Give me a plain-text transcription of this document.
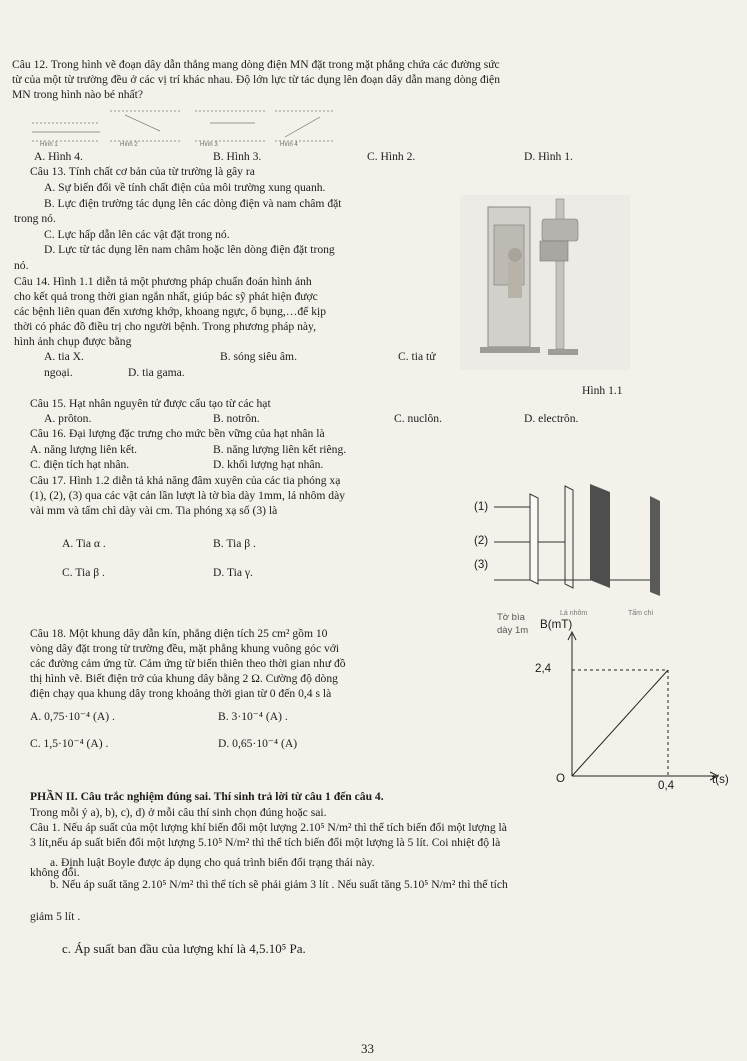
Câu 12. Trong hình vẽ đoạn dây dẫn thẳng mang dòng điện MN đặt trong mặt phẳng chứa các đường sức
từ của một từ trường đều ở các vị trí khác nhau. Độ lớn lực từ tác dụng lên đoạn dây dẫn mang dòng điện
MN trong hình nào bé nhất?
Hình 1	Hình 2	Hình 3	Hình 4
A. Hình 4.	B. Hình 3.	C. Hình 2.	D. Hình 1.
Câu 13. Tính chất cơ bản của từ trường là gây ra
A. Sự biến đổi về tính chất điện của môi trường xung quanh.
B. Lực điện trường tác dụng lên các dòng điện và nam châm đặt
trong nó.
C. Lực hấp dẫn lên các vật đặt trong nó.
D. Lực từ tác dụng lên nam châm hoặc lên dòng điện đặt trong
nó.
Câu 14. Hình 1.1 diễn tả một phương pháp chuẩn đoán hình ảnh
cho kết quả trong thời gian ngắn nhất, giúp bác sỹ phát hiện được
các bệnh liên quan đến xương khớp, khoang ngực, ổ bụng,…để kịp
thời có phác đồ điều trị cho người bệnh. Trong phương pháp này,
hình ảnh chụp được bằng
A. tia X.	B. sóng siêu âm.	C. tia tử
ngoại.	D. tia gama.
Hình 1.1
Câu 15. Hạt nhân nguyên tử được cấu tạo từ các hạt
A. prôton.	B. notrôn.	C. nuclôn.	D. electrôn.
Câu 16. Đại lượng đặc trưng cho mức bền vững của hạt nhân là
A. năng lượng liên kết.	B. năng lượng liên kết riêng.
C. điện tích hạt nhân.	D. khối lượng hạt nhân.
Câu 17. Hình 1.2 diễn tả khả năng đâm xuyên của các tia phóng xạ
(1), (2), (3) qua các vật cản lần lượt là tờ bìa dày 1mm, lá nhôm dày
vài mm và tấm chì dày vài cm. Tia phóng xạ số (3) là
A. Tia α .	B. Tia β .
C. Tia β .	D. Tia γ.
(1)
(2)
(3)
Tờ bìa
dày 1m
Lá nhôm	Tấm chì
Câu 18. Một khung dây dẫn kín, phẳng diện tích 25 cm² gồm 10
vòng dây đặt trong từ trường đều, mặt phẳng khung vuông góc với
các đường cảm ứng từ. Cảm ứng từ biến thiên theo thời gian như đồ
thị hình vẽ. Biết điện trở của khung dây bằng 2 Ω. Cường độ dòng
điện chạy qua khung dây trong khoảng thời gian từ 0 đến 0,4 s là
A. 0,75·10⁻⁴ (A) .	B. 3·10⁻⁴ (A) .
C. 1,5·10⁻⁴ (A) .	D. 0,65·10⁻⁴ (A)
B(mT)
2,4
O
0,4	t(s)
PHẦN II. Câu trắc nghiệm đúng sai. Thí sinh trả lời từ câu 1 đến câu 4.
Trong mỗi ý a), b), c), d) ở mỗi câu thí sinh chọn đúng hoặc sai.
Câu 1. Nếu áp suất của một lượng khí biến đổi một lượng 2.10⁵ N/m² thì thể tích biến đổi một lượng là
3 lít,nếu áp suất biến đổi một lượng 5.10⁵ N/m² thì thể tích biến đổi một lượng là 5 lít. Coi nhiệt độ là
không đổi.
a. Định luật Boyle được áp dụng cho quá trình biến đổi trạng thái này.
b. Nếu áp suất tăng 2.10⁵ N/m² thì thể tích sẽ phải giảm 3 lít . Nếu suất tăng 5.10⁵ N/m² thì thể tích
giảm 5 lít .
c. Áp suất ban đầu của lượng khí là 4,5.10⁵ Pa.
33
